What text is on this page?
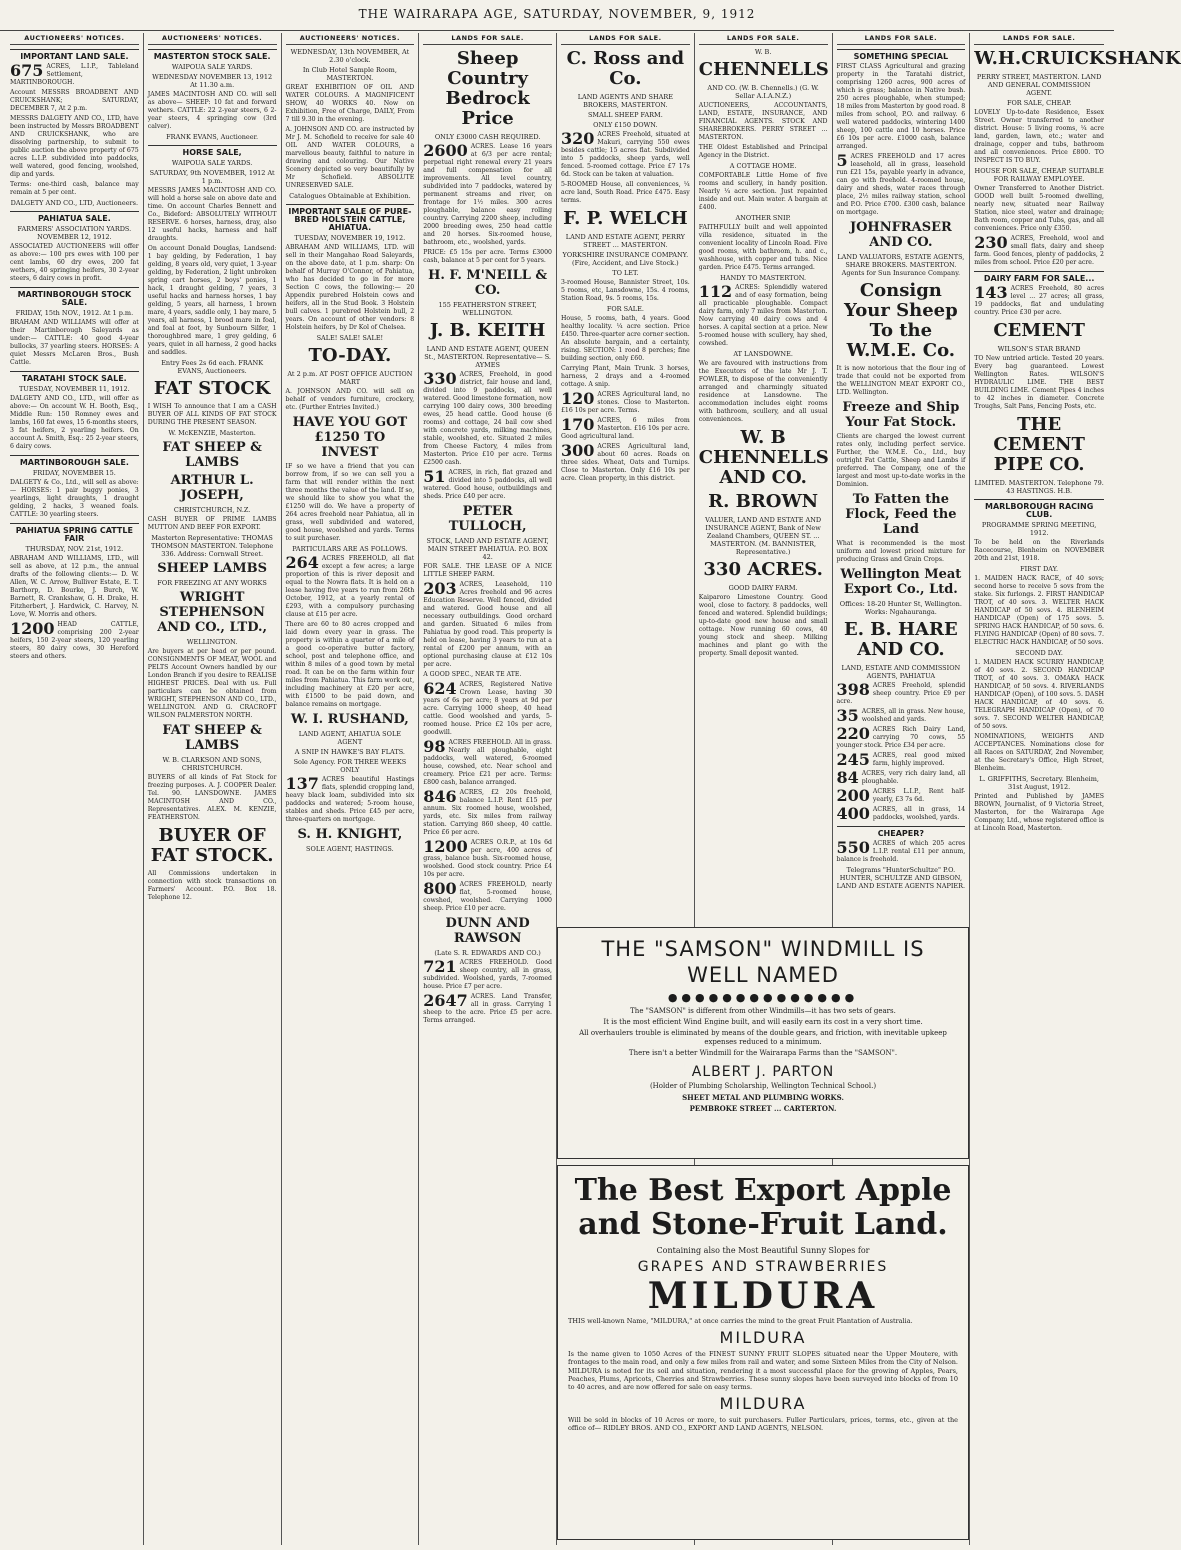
THE WAIRARAPA AGE, SATURDAY, NOVEMBER, 9, 1912
AUCTIONEERS' NOTICES.
IMPORTANT LAND SALE.

675 ACRES, L.I.P., Tableland Settlement, MARTINBOROUGH.

Account MESSRS BROADBENT AND CRUICKSHANK; SATURDAY, DECEMBER 7, At 2 p.m.

MESSRS DALGETY AND CO., LTD, have been instructed by Messrs BROADBENT AND CRUICKSHANK, who are dissolving partnership, to submit to public auction the above property of 675 acres L.I.P. subdivided into paddocks, well watered, good fencing, woolshed, dip and yards.

Terms: one-third cash, balance may remain at 5 per cent.

DALGETY AND CO., LTD, Auctioneers.
PAHIATUA SALE.
FARMERS' ASSOCIATION YARDS. NOVEMBER 12, 1912.

ASSOCIATED AUCTIONEERS will offer as above:— 100 prs ewes with 100 per cent lambs, 60 dry ewes, 200 fat wethers, 40 springing heifers, 30 2-year steers, 6 dairy cows in profit.

MARTINBOROUGH STOCK SALE.
FRIDAY, 15th NOV., 1912. At 1 p.m.

BRAHAM AND WILLIAMS will offer at their Martinborough Saleyards as under:— CATTLE: 40 good 4-year bullocks, 37 yearling steers. HORSES: A quiet Messrs McLaren Bros., Bush Cattle.

TARATAHI STOCK SALE.
TUESDAY, NOVEMBER 11, 1912.

DALGETY AND CO., LTD., will offer as above:— On account W. H. Booth, Esq., Middle Run: 150 Romney ewes and lambs, 160 fat ewes, 15 6-months steers, 3 fat heifers, 2 yearling heifers. On account A. Smith, Esq.: 25 2-year steers, 6 dairy cows.

MARTINBOROUGH SALE.
FRIDAY, NOVEMBER 15.

DALGETY & Co., Ltd., will sell as above:— HORSES: 1 pair buggy ponies, 3 yearlings, light draughts, 1 draught gelding, 2 hacks, 3 weaned foals. CATTLE: 30 yearling steers.

PAHIATUA SPRING CATTLE FAIR
THURSDAY, NOV. 21st, 1912.

ABRAHAM AND WILLIAMS, LTD., will sell as above, at 12 p.m., the annual drafts of the following clients:— D. W. Allen, W. C. Arrow, Bulliver Estate, E. T. Barthorp, D. Bourke, J. Burch, W. Barnett, R. Crankshaw, G. H. Drake, H. Fitzherbert, J. Hardwick, C. Harvey, N. Love, W. Morris and others.

1200 HEAD CATTLE, comprising 200 2-year heifers, 150 2-year steers, 120 yearling steers, 80 dairy cows, 30 Hereford steers and others.

AUCTIONEERS' NOTICES.
MASTERTON STOCK SALE.
WAIPOUA SALE YARDS.
WEDNESDAY NOVEMBER 13, 1912 At 11.30 a.m.

JAMES MACINTOSH AND CO. will sell as above— SHEEP: 10 fat and forward wethers. CATTLE: 22 2-year steers, 6 2-year steers, 4 springing cow (3rd calver).

FRANK EVANS, Auctioneer.
HORSE SALE,
WAIPOUA SALE YARDS.
SATURDAY, 9th NOVEMBER, 1912 At 1 p.m.

MESSRS JAMES MACINTOSH AND CO. will hold a horse sale on above date and time. On account Charles Bennett and Co., Bideford: ABSOLUTELY WITHOUT RESERVE. 6 horses, harness, dray, also 12 useful hacks, harness and half draughts.

On account Donald Douglas, Landsend: 1 bay gelding, by Federation, 1 bay gelding, 8 years old, very quiet, 1 3-year gelding, by Federation, 2 light unbroken spring cart horses, 2 boys' ponies, 1 hack, 1 draught gelding, 7 years, 3 useful hacks and harness horses, 1 bay gelding, 5 years, all harness, 1 brown mare, 4 years, saddle only, 1 bay mare, 5 years, all harness, 1 brood mare in foal, and foal at foot, by Sunbourn Silfer, 1 thoroughbred mare, 1 grey gelding, 6 years, quiet in all harness, 2 good hacks and saddles.

Entry Fees 2s 6d each. FRANK EVANS, Auctioneers.
FAT STOCK

I WISH To announce that I am a CASH BUYER OF ALL KINDS OF FAT STOCK DURING THE PRESENT SEASON.

W. McKENZIE, Masterton.
FAT SHEEP & LAMBS
ARTHUR L. JOSEPH,
CHRISTCHURCH, N.Z.

CASH BUYER OF PRIME LAMBS MUTTON AND BEEF FOR EXPORT.

Masterton Representative: THOMAS THOMSON MASTERTON. Telephone 336. Address: Cornwall Street.
SHEEP LAMBS
FOR FREEZING AT ANY WORKS
WRIGHT STEPHENSON AND CO., LTD.,
WELLINGTON.

Are buyers at per head or per pound. CONSIGNMENTS OF MEAT, WOOL and PELTS Account Owners handled by our London Branch if you desire to REALISE HIGHEST PRICES. Deal with us. Full particulars can be obtained from WRIGHT, STEPHENSON AND CO., LTD., WELLINGTON. AND G. CRACROFT WILSON PALMERSTON NORTH.

FAT SHEEP & LAMBS
W. B. CLARKSON AND SONS, CHRISTCHURCH.

BUYERS of all kinds of Fat Stock for freezing purposes. A. J. COOPER Dealer. Tel. 90. LANSDOWNE. JAMES MACINTOSH AND CO., Representatives. ALEX. M. KENZIE, FEATHERSTON.

BUYER OF FAT STOCK.

All Commissions undertaken in connection with stock transactions on Farmers' Account. P.O. Box 18. Telephone 12.

AUCTIONEERS' NOTICES.
WEDNESDAY, 13th NOVEMBER, At 2.30 o'clock.
In Club Hotel Sample Room, MASTERTON.

GREAT EXHIBITION OF OIL AND WATER COLOURS. A MAGNIFICENT SHOW, 40 WORKS 40. Now on Exhibition, Free of Charge, DAILY, From 7 till 9.30 in the evening.

A. JOHNSON AND CO. are instructed by Mr J. M. Schofield to receive for sale 40 OIL AND WATER COLOURS, a marvellous beauty, faithful to nature in drawing and colouring. Our Native Scenery depicted so very beautifully by Mr Schofield. ABSOLUTE UNRESERVED SALE.

Catalogues Obtainable at Exhibition.
IMPORTANT SALE OF PURE-BRED HOLSTEIN CATTLE, AHIATUA.
TUESDAY, NOVEMBER 19, 1912.

ABRAHAM AND WILLIAMS, LTD. will sell in their Mangahao Road Saleyards, on the above date, at 1 p.m. sharp: On behalf of Murray O'Connor, of Pahiatua, who has decided to go in for more Section C cows, the following:— 20 Appendix purebred Holstein cows and heifers, all in the Stud Book. 3 Holstein bull calves. 1 purebred Holstein bull, 2 years. On account of other vendors: 8 Holstein heifers, by Dr Kol of Chelsea.

SALE! SALE! SALE!
TO-DAY.
At 2 p.m. AT POST OFFICE AUCTION MART

A. JOHNSON AND CO. will sell on behalf of vendors furniture, crockery, etc. (Further Entries Invited.)

HAVE YOU GOT £1250 TO INVEST

IF so we have a friend that you can borrow from, if so we can sell you a farm that will render within the next three months the value of the land. If so, we should like to show you what the £1250 will do. We have a property of 264 acres freehold near Pahiatua, all in grass, well subdivided and watered, good house, woolshed and yards. Terms to suit purchaser.

PARTICULARS ARE AS FOLLOWS.

264 ACRES FREEHOLD, all flat except a few acres; a large proportion of this is river deposit and equal to the Nowra flats. It is held on a lease having five years to run from 26th October, 1912, at a yearly rental of £293, with a compulsory purchasing clause at £15 per acre.

There are 60 to 80 acres cropped and laid down every year in grass. The property is within a quarter of a mile of a good co-operative butter factory, school, post and telephone office, and within 8 miles of a good town by metal road. It can be on the farm within four miles from Pahiatua. This farm work out, including machinery at £20 per acre, with £1500 to be paid down, and balance remains on mortgage.

W. I. RUSHAND,
LAND AGENT, AHIATUA SOLE AGENT
A SNIP IN HAWKE'S BAY FLATS.
Sole Agency. FOR THREE WEEKS ONLY

137 ACRES beautiful Hastings flats, splendid cropping land, heavy black loam, subdivided into six paddocks and watered; 5-room house, stables and sheds. Price £45 per acre, three-quarters on mortgage.

S. H. KNIGHT,
SOLE AGENT, HASTINGS.
LANDS FOR SALE.
Sheep Country Bedrock Price
ONLY £3000 CASH REQUIRED.

2600 ACRES. Lease 16 years at 6/3 per acre rental; perpetual right renewal every 21 years and full compensation for all improvements. All level country, subdivided into 7 paddocks, watered by permanent streams and river, on frontage for 1½ miles. 300 acres ploughable, balance easy rolling country. Carrying 2200 sheep, including 2000 breeding ewes, 250 head cattle and 20 horses. Six-roomed house, bathroom, etc., woolshed, yards.

PRICE: £5 15s per acre. Terms £3000 cash, balance at 5 per cent for 5 years.

H. F. M'NEILL & CO.
155 FEATHERSTON STREET, WELLINGTON.
J. B. KEITH
LAND AND ESTATE AGENT, QUEEN St., MASTERTON. Representative— S. AYMES

330 ACRES, Freehold, in good district, fair house and land, divided into 9 paddocks, all well watered. Good limestone formation, now carrying 100 dairy cows, 300 breeding ewes, 25 head cattle. Good house (6 rooms) and cottage, 24 bail cow shed with concrete yards, milking machines, stable, woolshed, etc. Situated 2 miles from Cheese Factory, 4 miles from Masterton. Price £10 per acre. Terms £2500 cash.

51 ACRES, in rich, flat grazed and divided into 5 paddocks, all well watered. Good house, outbuildings and sheds. Price £40 per acre.

PETER TULLOCH,
STOCK, LAND AND ESTATE AGENT, MAIN STREET PAHIATUA. P.O. BOX 42.

FOR SALE. THE LEASE OF A NICE LITTLE SHEEP FARM.

203 ACRES, Leasehold, 110 Acres freehold and 96 acres Education Reserve. Well fenced, divided and watered. Good house and all necessary outbuildings. Good orchard and garden. Situated 6 miles from Pahiatua by good road. This property is held on lease, having 3 years to run at a rental of £200 per annum, with an optional purchasing clause at £12 10s per acre.

A GOOD SPEC., NEAR TE ATE.

624 ACRES, Registered Native Crown Lease, having 30 years of 6s per acre; 8 years at 9d per acre. Carrying 1000 sheep, 40 head cattle. Good woolshed and yards, 5-roomed house. Price £2 10s per acre, goodwill.

98 ACRES FREEHOLD. All in grass. Nearly all ploughable, eight paddocks, well watered, 6-roomed house, cowshed, etc. Near school and creamery. Price £21 per acre. Terms: £800 cash, balance arranged.

846 ACRES, £2 20s freehold, balance L.I.P. Rent £15 per annum. Six roomed house, woolshed, yards, etc. Six miles from railway station. Carrying 860 sheep, 40 cattle. Price £6 per acre.

1200 ACRES O.R.P., at 10s 6d per acre, 400 acres of grass, balance bush. Six-roomed house, woolshed. Good stock country. Price £4 10s per acre.

800 ACRES FREEHOLD, nearly flat, 5-roomed house, cowshed, woolshed. Carrying 1000 sheep. Price £10 per acre.

DUNN AND RAWSON
(Late S. R. EDWARDS AND CO.)

721 ACRES FREEHOLD. Good sheep country, all in grass, subdivided. Woolshed, yards, 7-roomed house. Price £7 per acre.

2647 ACRES. Land Transfer, all in grass. Carrying 1 sheep to the acre. Price £5 per acre. Terms arranged.

LANDS FOR SALE.
C. Ross and Co.
LAND AGENTS AND SHARE BROKERS, MASTERTON.
SMALL SHEEP FARM.
ONLY £150 DOWN.

320 ACRES Freehold, situated at Makuri, carrying 550 ewes besides cattle; 15 acres flat. Subdivided into 5 paddocks, sheep yards, well fenced. 5-roomed cottage. Price £7 17s 6d. Stock can be taken at valuation.

5-ROOMED House, all conveniences, ¼ acre land, South Road. Price £475. Easy terms.

F. P. WELCH
LAND AND ESTATE AGENT, PERRY STREET ... MASTERTON.
YORKSHIRE INSURANCE COMPANY. (Fire, Accident, and Live Stock.)
TO LET.

3-roomed House, Bannister Street, 10s. 5 rooms, etc, Lansdowne, 15s. 4 rooms, Station Road, 9s. 5 rooms, 15s.

FOR SALE.

House, 5 rooms, bath, 4 years. Good healthy locality. ¼ acre section. Price £450. Three-quarter acre corner section. An absolute bargain, and a certainty, rising. SECTION: 1 rood 8 perches; fine building section, only £60.

Carrying Plant, Main Trunk. 3 horses, harness, 2 drays and a 4-roomed cottage. A snip.

120 ACRES Agricultural land, no stones. Close to Masterton. £16 10s per acre. Terms.

170 ACRES, 6 miles from Masterton. £16 10s per acre. Good agricultural land.

300 ACRES Agricultural land, about 60 acres. Roads on three sides. Wheat, Oats and Turnips. Close to Masterton. Only £16 10s per acre. Clean property, in this district.

LANDS FOR SALE.
W. B.
CHENNELLS
AND CO. (W. B. Chennells.) (G. W. Sellar A.I.A.N.Z.)

AUCTIONEERS, ACCOUNTANTS, LAND, ESTATE, INSURANCE, AND FINANCIAL AGENTS. STOCK AND SHAREBROKERS. PERRY STREET ... MASTERTON.

THE Oldest Established and Principal Agency in the District.

A COTTAGE HOME.

COMFORTABLE Little Home of five rooms and scullery, in handy position. Nearly ¼ acre section. Just repainted inside and out. Main water. A bargain at £400.

ANOTHER SNIP.

FAITHFULLY built and well appointed villa residence, situated in the convenient locality of Lincoln Road. Five good rooms, with bathroom, h. and c., washhouse, with copper and tubs. Nice garden. Price £475. Terms arranged.

HANDY TO MASTERTON.

112 ACRES: Splendidly watered and of easy formation, being all practicable ploughable. Compact dairy farm, only 7 miles from Masterton. Now carrying 40 dairy cows and 4 horses. A capital section at a price. New 5-roomed house with scullery, hay shed, cowshed.

AT LANSDOWNE.

We are favoured with instructions from the Executors of the late Mr J. T. FOWLER, to dispose of the conveniently arranged and charmingly situated residence at Lansdowne. The accommodation includes eight rooms with bathroom, scullery, and all usual conveniences.

W. B CHENNELLS AND CO.
R. BROWN
VALUER, LAND AND ESTATE AND INSURANCE AGENT, Bank of New Zealand Chambers, QUEEN ST. ... MASTERTON. (M. BANNISTER, Representative.)
330 ACRES.
GOOD DAIRY FARM.

Kaiparoro Limestone Country. Good wool, close to factory. 8 paddocks, well fenced and watered. Splendid buildings; up-to-date good new house and small cottage. Now running 60 cows, 40 young stock and sheep. Milking machines and plant go with the property. Small deposit wanted.

LANDS FOR SALE.
SOMETHING SPECIAL

FIRST CLASS Agricultural and grazing property in the Taratahi district, comprising 1260 acres, 900 acres of which is grass; balance in Native bush. 250 acres ploughable, when stumped; 18 miles from Masterton by good road. 8 miles from school, P.O. and railway. 6 well watered paddocks, wintering 1400 sheep, 100 cattle and 10 horses. Price £6 10s per acre. £1000 cash, balance arranged.

5 ACRES FREEHOLD and 17 acres leasehold, all in grass, leasehold run £21 15s, payable yearly in advance, can go with freehold. 4-roomed house, dairy and sheds, water races through place, 2½ miles railway station, school and P.O. Price £700. £300 cash, balance on mortgage.

JOHNFRASER AND CO.
LAND VALUATORS, ESTATE AGENTS, SHARE BROKERS. MASTERTON. Agents for Sun Insurance Company.
Consign Your Sheep To the W.M.E. Co.

It is now notorious that the flour ing of trade that could not be exported from the WELLINGTON MEAT EXPORT CO., LTD. Wellington.

Freeze and Ship Your Fat Stock.

Clients are charged the lowest current rates only, including perfect service. Further, the W.M.E. Co., Ltd., buy outright Fat Cattle, Sheep and Lambs if preferred. The Company, one of the largest and most up-to-date works in the Dominion.

To Fatten the Flock, Feed the Land

What is recommended is the most uniform and lowest priced mixture for producing Grass and Grain Crops.

Wellington Meat Export Co., Ltd.
Offices: 18-20 Hunter St, Wellington. Works: Ngahauranga.
E. B. HARE AND CO.
LAND, ESTATE AND COMMISSION AGENTS, PAHIATUA

398 ACRES Freehold, splendid sheep country. Price £9 per acre.

35 ACRES, all in grass. New house, woolshed and yards.

220 ACRES Rich Dairy Land, carrying 70 cows, 55 younger stock. Price £34 per acre.

245 ACRES, real good mixed farm, highly improved.

84 ACRES, very rich dairy land, all ploughable.

200 ACRES L.I.P., Rent half-yearly, £3 7s 6d.

400 ACRES, all in grass, 14 paddocks, woolshed, yards.

CHEAPER?

550 ACRES of which 205 acres L.I.P. rental £11 per annum, balance is freehold.

Telegrams "HunterSchultze" P.O. HUNTER, SCHULTZE AND GIBSON, LAND AND ESTATE AGENTS NAPIER.
LANDS FOR SALE.
W.H.CRUICKSHANK
PERRY STREET, MASTERTON. LAND AND GENERAL COMMISSION AGENT.
FOR SALE, CHEAP.

LOVELY Up-to-date Residence, Essex Street. Owner transferred to another district. House: 5 living rooms, ¼ acre land, garden, lawn, etc.; water and drainage, copper and tubs, bathroom and all conveniences. Price £800. TO INSPECT IS TO BUY.

HOUSE FOR SALE, CHEAP. SUITABLE FOR RAILWAY EMPLOYEE.

Owner Transferred to Another District. GOOD well built 5-roomed dwelling, nearly new, situated near Railway Station, nice steel, water and drainage; Bath room, copper and Tubs, gas, and all conveniences. Price only £350.

230 ACRES, Freehold, wool and small flats, dairy and sheep farm. Good fences, plenty of paddocks, 2 miles from school. Price £20 per acre.

DAIRY FARM FOR SALE...

143 ACRES Freehold, 80 acres level ... 27 acres; all grass, 19 paddocks, flat and undulating country. Price £30 per acre.

CEMENT
WILSON'S STAR BRAND

TO New untried article. Tested 20 years. Every bag guaranteed. Lowest Wellington Rates. WILSON'S HYDRAULIC LIME. THE BEST BUILDING LIME. Cement Pipes 4 inches to 42 inches in diameter. Concrete Troughs, Salt Pans, Fencing Posts, etc.

THE CEMENT PIPE CO.
LIMITED. MASTERTON. Telephone 79. 43 HASTINGS. H.B.
MARLBOROUGH RACING CLUB.
PROGRAMME SPRING MEETING, 1912.

To be held on the Riverlands Racecourse, Blenheim on NOVEMBER 20th and 21st, 1918.

FIRST DAY.

1. MAIDEN HACK RACE, of 40 sovs; second horse to receive 5 sovs from the stake. Six furlongs. 2. FIRST HANDICAP TROT, of 40 sovs. 3. WELTER HACK HANDICAP of 50 sovs. 4. BLENHEIM HANDICAP (Open) of 175 sovs. 5. SPRING HACK HANDICAP, of 50 sovs. 6. FLYING HANDICAP (Open) of 80 sovs. 7. ELECTRIC HACK HANDICAP, of 50 sovs.

SECOND DAY.

1. MAIDEN HACK SCURRY HANDICAP, of 40 sovs. 2. SECOND HANDICAP TROT, of 40 sovs. 3. OMAKA HACK HANDICAP, of 50 sovs. 4. RIVERLANDS HANDICAP (Open), of 100 sovs. 5. DASH HACK HANDICAP, of 40 sovs. 6. TELEGRAPH HANDICAP (Open), of 70 sovs. 7. SECOND WELTER HANDICAP, of 50 sovs.

NOMINATIONS, WEIGHTS AND ACCEPTANCES. Nominations close for all Races on SATURDAY, 2nd November, at the Secretary's Office, High Street, Blenheim.

L. GRIFFITHS, Secretary. Blenheim, 31st August, 1912.

Printed and Published by JAMES BROWN, Journalist, of 9 Victoria Street, Masterton, for the Wairarapa Age Company, Ltd., whose registered office is at Lincoln Road, Masterton.

THE "SAMSON" WINDMILL IS WELL NAMED
●●●●●●●●●●●●●●

The "SAMSON" is different from other Windmills—it has two sets of gears.

It is the most efficient Wind Engine built, and will easily earn its cost in a very short time.

All overhaulers trouble is eliminated by means of the double gears, and friction, with inevitable upkeep expenses reduced to a minimum.

There isn't a better Windmill for the Wairarapa Farms than the "SAMSON".

ALBERT J. PARTON

(Holder of Plumbing Scholarship, Wellington Technical School.)

SHEET METAL AND PLUMBING WORKS.

PEMBROKE STREET ... CARTERTON.

The Best Export Apple and Stone-Fruit Land.
Containing also the Most Beautiful Sunny Slopes for
GRAPES AND STRAWBERRIES
MILDURA

THIS well-known Name, "MILDURA," at once carries the mind to the great Fruit Plantation of Australia.

MILDURA

Is the name given to 1050 Acres of the FINEST SUNNY FRUIT SLOPES situated near the Upper Moutere, with frontages to the main road, and only a few miles from rail and water, and some Sixteen Miles from the City of Nelson. MILDURA is noted for its soil and situation, rendering it a most successful place for the growing of Apples, Pears, Peaches, Plums, Apricots, Cherries and Strawberries. These sunny slopes have been surveyed into blocks of from 10 to 40 acres, and are now offered for sale on easy terms.

MILDURA

Will be sold in blocks of 10 Acres or more, to suit purchasers. Fuller Particulars, prices, terms, etc., given at the office of— RIDLEY BROS. AND CO., EXPORT AND LAND AGENTS, NELSON.
